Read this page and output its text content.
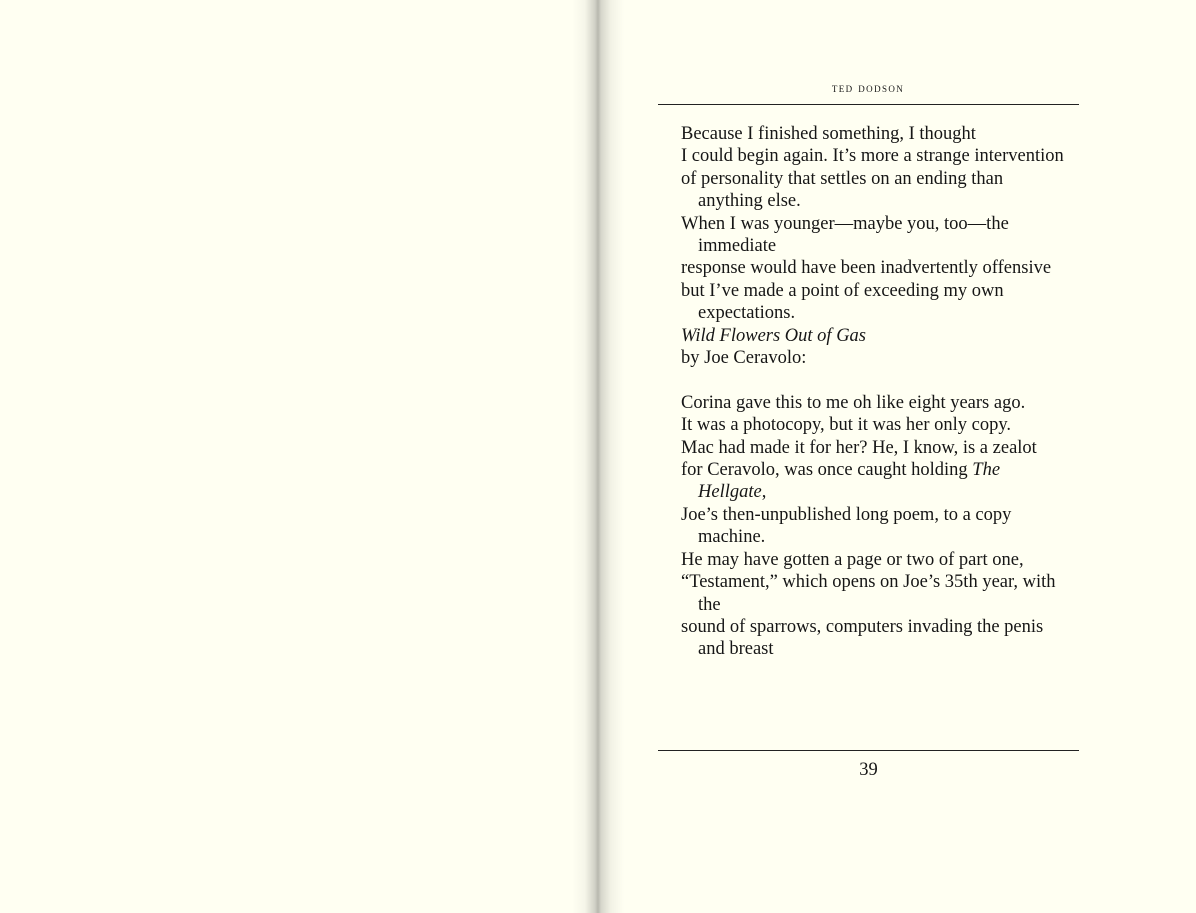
ted dodson

Because I finished something, I thought

I could begin again. It’s more a strange intervention

of personality that settles on an ending than anything else.

When I was younger—maybe you, too—the immediate

response would have been inadvertently offensive

but I’ve made a point of exceeding my own expectations.

Wild Flowers Out of Gas

by Joe Ceravolo:

Corina gave this to me oh like eight years ago.

It was a photocopy, but it was her only copy.

Mac had made it for her? He, I know, is a zealot

for Ceravolo, was once caught holding The Hellgate,

Joe’s then-unpublished long poem, to a copy machine.

He may have gotten a page or two of part one,

“Testament,” which opens on Joe’s 35th year, with the

sound of sparrows, computers invading the penis and breast

39
